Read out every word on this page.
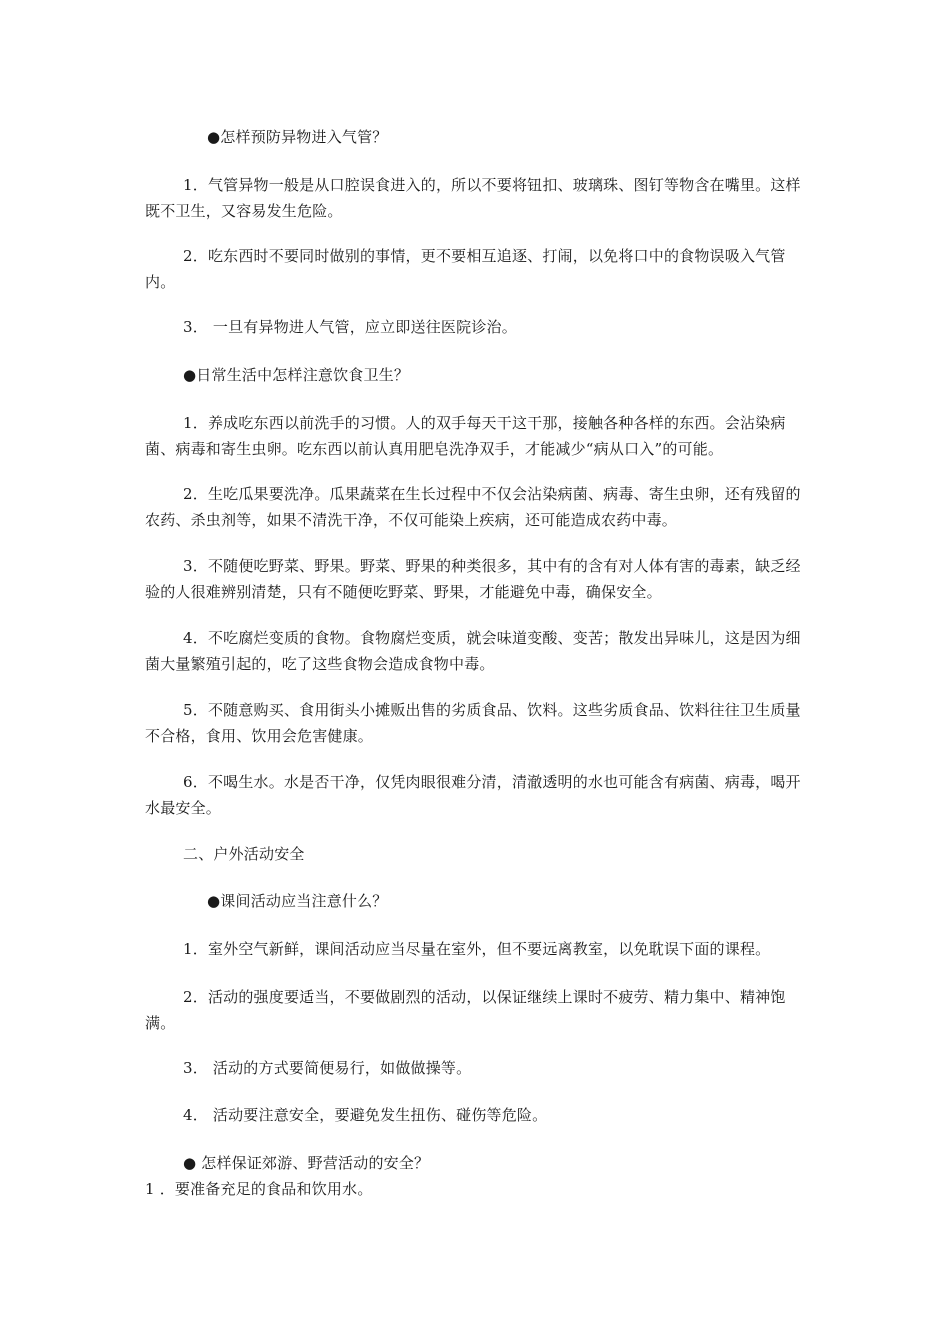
●怎样预防异物进入气管？
1．气管异物一般是从口腔误食进入的，所以不要将钮扣、玻璃珠、图钉等物含在嘴里。这样既不卫生，又容易发生危险。
2．吃东西时不要同时做别的事情，更不要相互追逐、打闹，以免将口中的食物误吸入气管内。
3． 一旦有异物进人气管，应立即送往医院诊治。
●日常生活中怎样注意饮食卫生？
1．养成吃东西以前洗手的习惯。人的双手每天干这干那，接触各种各样的东西。会沾染病菌、病毒和寄生虫卵。吃东西以前认真用肥皂洗净双手，才能减少“病从口入”的可能。
2．生吃瓜果要洗净。瓜果蔬菜在生长过程中不仅会沾染病菌、病毒、寄生虫卵，还有残留的农药、杀虫剂等，如果不清洗干净，不仅可能染上疾病，还可能造成农药中毒。
3．不随便吃野菜、野果。野菜、野果的种类很多，其中有的含有对人体有害的毒素，缺乏经验的人很难辨别清楚，只有不随便吃野菜、野果，才能避免中毒，确保安全。
4．不吃腐烂变质的食物。食物腐烂变质，就会味道变酸、变苦；散发出异味儿，这是因为细菌大量繁殖引起的，吃了这些食物会造成食物中毒。
5．不随意购买、食用街头小摊贩出售的劣质食品、饮料。这些劣质食品、饮料往往卫生质量不合格，食用、饮用会危害健康。
6．不喝生水。水是否干净，仅凭肉眼很难分清，清澈透明的水也可能含有病菌、病毒，喝开水最安全。
二、户外活动安全
●课间活动应当注意什么？
1．室外空气新鲜，课间活动应当尽量在室外，但不要远离教室，以免耽误下面的课程。
2．活动的强度要适当，不要做剧烈的活动，以保证继续上课时不疲劳、精力集中、精神饱满。
3． 活动的方式要简便易行，如做做操等。
4． 活动要注意安全，要避免发生扭伤、碰伤等危险。
● 怎样保证郊游、野营活动的安全？
1 ．要准备充足的食品和饮用水。
